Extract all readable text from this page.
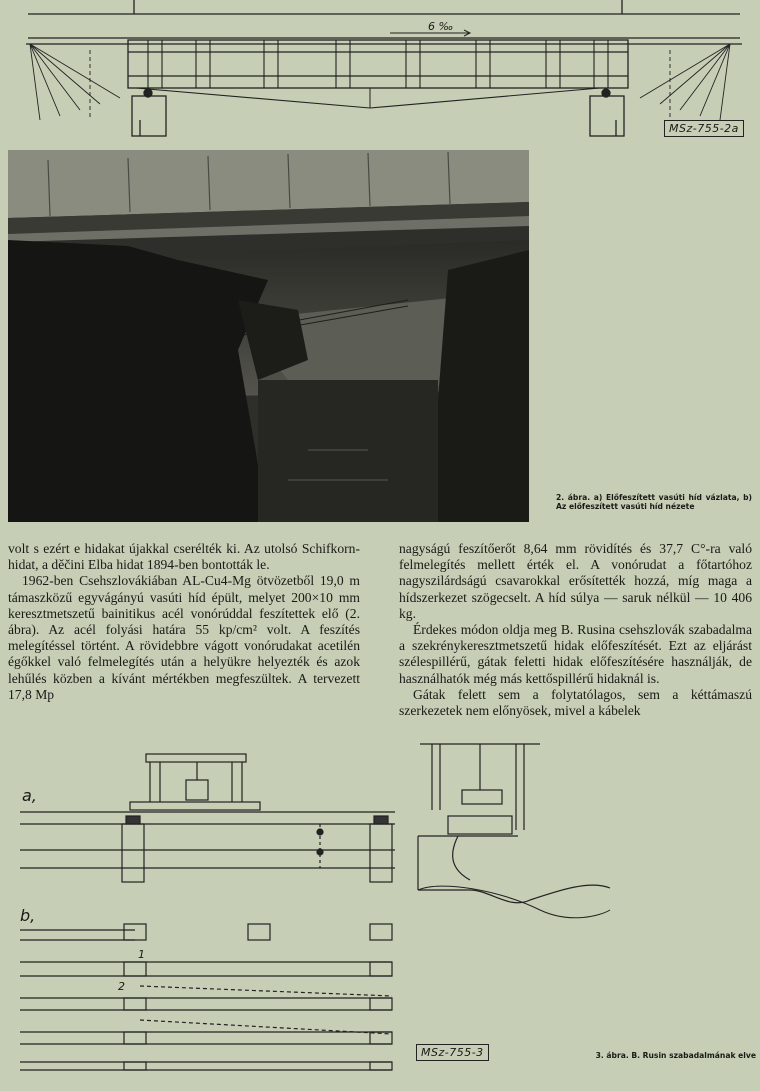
6 ‰
MSz-755-2a
2. ábra. a) Előfeszített vasúti híd vázlata, b) Az előfeszített vasúti híd nézete

volt s ezért e hidakat újakkal cserélték ki. Az utolsó Schifkorn-hidat, a děčini Elba hidat 1894-ben bontották le.

1962-ben Csehszlovákiában AL-Cu4-Mg ötvözetből 19,0 m támaszközű egyvágányú vasúti híd épült, melyet 200×10 mm keresztmetszetű bainitikus acél vonórúddal feszítettek elő (2. ábra). Az acél folyási határa 55 kp/cm² volt. A feszítés melegítéssel történt. A rövidebbre vágott vonórudakat acetilén égőkkel való felmelegítés után a helyükre helyezték és azok lehűlés közben a kívánt mértékben megfeszültek. A tervezett 17,8 Mp

nagyságú feszítőerőt 8,64 mm rövidítés és 37,7 C°-ra való felmelegítés mellett érték el. A vonórudat a főtartóhoz nagyszilárdságú csavarokkal erősítették hozzá, míg maga a hídszerkezet szögecselt. A híd súlya — saruk nélkül — 10 406 kg.

Érdekes módon oldja meg B. Rusina csehszlovák szabadalma a szekrénykeresztmetszetű hidak előfeszítését. Ezt az eljárást szélespillérű, gátak feletti hidak előfeszítésére használják, de használhatók még más kettőspillérű hidaknál is.

Gátak felett sem a folytatólagos, sem a kéttámaszú szerkezetek nem előnyösek, mivel a kábelek

a,
b,
1
2
MSz-755-3	3. ábra. B. Rusin szabadalmának elve
